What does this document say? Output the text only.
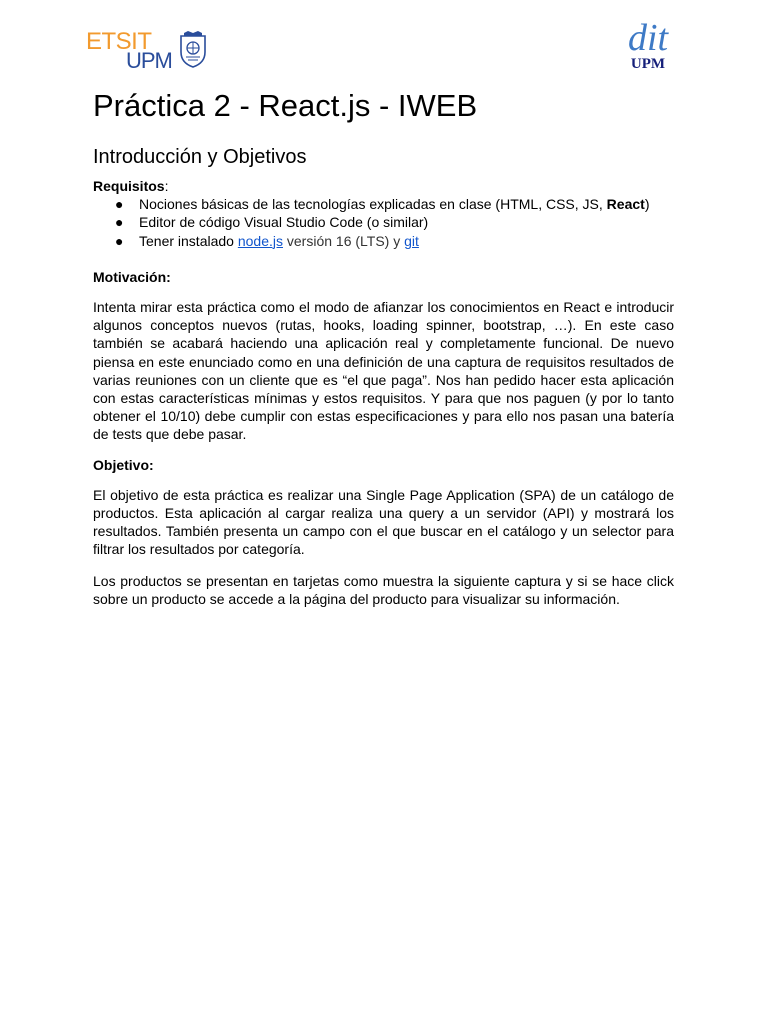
ETSIT
UPM
dit
UPM
Práctica 2 - React.js - IWEB
Introducción y Objetivos

Requisitos:

● Nociones básicas de las tecnologías explicadas en clase (HTML, CSS, JS, React)
● Editor de código Visual Studio Code (o similar)
● Tener instalado node.js versión 16 (LTS) y git

Motivación:

Intenta mirar esta práctica como el modo de afianzar los conocimientos en React e introducir algunos conceptos nuevos (rutas, hooks, loading spinner, bootstrap, …). En este caso también se acabará haciendo una aplicación real y completamente funcional. De nuevo piensa en este enunciado como en una definición de una captura de requisitos resultados de varias reuniones con un cliente que es “el que paga”. Nos han pedido hacer esta aplicación con estas características mínimas y estos requisitos. Y para que nos paguen (y por lo tanto obtener el 10/10) debe cumplir con estas especificaciones y para ello nos pasan una batería de tests que debe pasar.

Objetivo:

El objetivo de esta práctica es realizar una Single Page Application (SPA) de un catálogo de productos. Esta aplicación al cargar realiza una query a un servidor (API) y mostrará los resultados. También presenta un campo con el que buscar en el catálogo y un selector para filtrar los resultados por categoría.

Los productos se presentan en tarjetas como muestra la siguiente captura y si se hace click sobre un producto se accede a la página del producto para visualizar su información.
